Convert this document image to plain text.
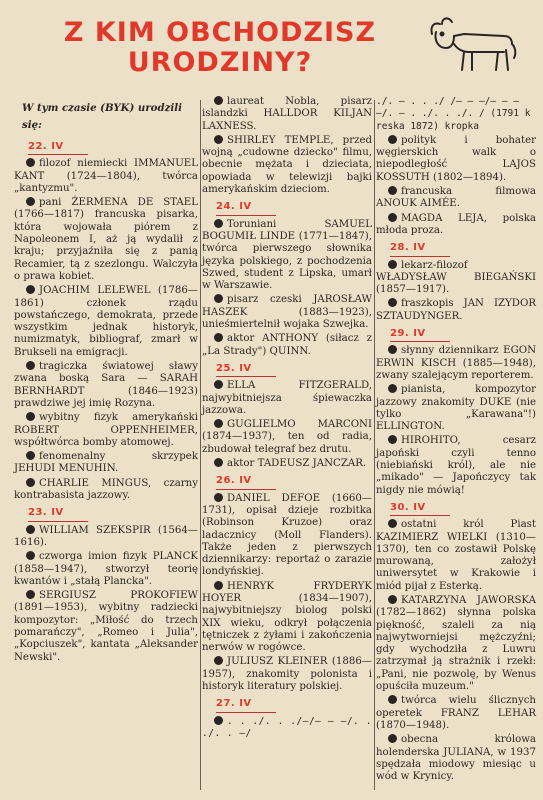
Z KIM OBCHODZISZ
URODZINY?
W tym czasie (BYK) urodzili się:
22. IV
filozof niemiecki IMMANUEL KANT (1724—1804), twórca „kantyzmu".
pani ŻERMENA DE STAEL (1766—1817) francuska pisarka, która wojowała piórem z Napoleonem I, aż ją wydalił z kraju; przyjaźniła się z panią Recamier, tą z szezlongu. Walczyła o prawa kobiet.
JOACHIM LELEWEL (1786—1861) członek rządu powstańczego, demokrata, przede wszystkim jednak historyk, numizmatyk, bibliograf, zmarł w Brukseli na emigracji.
tragiczka światowej sławy zwana boską Sara — SARAH BERNHARDT (1846—1923) prawdziwe jej imię Rozyna.
wybitny fizyk amerykański ROBERT OPPENHEIMER, współtwórca bomby atomowej.
fenomenalny skrzypek JEHUDI MENUHIN.
CHARLIE MINGUS, czarny kontrabasista jazzowy.
23. IV
WILLIAM SZEKSPIR (1564—1616).
czworga imion fizyk PLANCK (1858—1947), stworzył teorię kwantów i „stałą Plancka".
SERGIUSZ PROKOFIEW (1891—1953), wybitny radziecki kompozytor: „Miłość do trzech pomarańczy", „Romeo i Julia", „Kopciuszek", kantata „Aleksander Newski".
laureat Nobla, pisarz islandzki HALLDOR KILJAN LAXNESS.
SHIRLEY TEMPLE, przed wojną „cudowne dziecko" filmu, obecnie mężata i dzieciata, opowiada w telewizji bajki amerykańskim dzieciom.
24. IV
Toruniani SAMUEL BOGUMIŁ LINDE (1771—1847), twórca pierwszego słownika języka polskiego, z pochodzenia Szwed, student z Lipska, umarł w Warszawie.
pisarz czeski JAROSŁAW HASZEK (1883—1923), unieśmiertelnił wojaka Szwejka.
aktor ANTHONY (siłacz z „La Strady") QUINN.
25. IV
ELLA FITZGERALD, najwybitniejsza śpiewaczka jazzowa.
GUGLIELMO MARCONI (1874—1937), ten od radia, zbudował telegraf bez drutu.
aktor TADEUSZ JANCZAR.
26. IV
DANIEL DEFOE (1660—1731), opisał dzieje rozbitka (Robinson Kruzoe) oraz ladacznicy (Moll Flanders). Także jeden z pierwszych dziennikarzy: reportaż o zarazie londyńskiej.
HENRYK FRYDERYK HOYER (1834—1907), najwybitniejszy biolog polski XIX wieku, odkrył połączenia tętniczek z żyłami i zakończenia nerwów w rogówce.
JULIUSZ KLEINER (1886—1957), znakomity polonista i historyk literatury polskiej.
27. IV
. . ./. . ./—/— — —/. . ./. . —/
./. — . . ./ /— — —/— — — —/. — . ./. . ./. / (1791 kreska 1872) kropka
polityk i bohater węgierskich walk o niepodległość LAJOS KOSSUTH (1802—1894).
francuska filmowa ANOUK AIMÉE.
MAGDA LEJA, polska młoda proza.
28. IV
lekarz-filozof WŁADYSŁAW BIEGAŃSKI (1857—1917).
fraszkopis JAN IZYDOR SZTAUDYNGER.
29. IV
słynny dziennikarz EGON ERWIN KISCH (1885—1948), zwany szalejącym reporterem.
pianista, kompozytor jazzowy znakomity DUKE (nie tylko „Karawana"!) ELLINGTON.
HIROHITO, cesarz japoński czyli tenno (niebiański król), ale nie „mikado" — Japończycy tak nigdy nie mówią!
30. IV
ostatni król Piast KAZIMIERZ WIELKI (1310—1370), ten co zostawił Polskę murowaną, założył uniwersytet w Krakowie i miód pijał z Esterką.
KATARZYNA JAWORSKA (1782—1862) słynna polska piękność, szaleli za nią najwytworniejsi mężczyźni; gdy wychodziła z Luwru zatrzymał ją strażnik i rzekł: „Pani, nie pozwolę, by Wenus opuściła muzeum."
twórca wielu ślicznych operetek FRANZ LEHAR (1870—1948).
obecna królowa holenderska JULIANA, w 1937 spędzała miodowy miesiąc u wód w Krynicy.
